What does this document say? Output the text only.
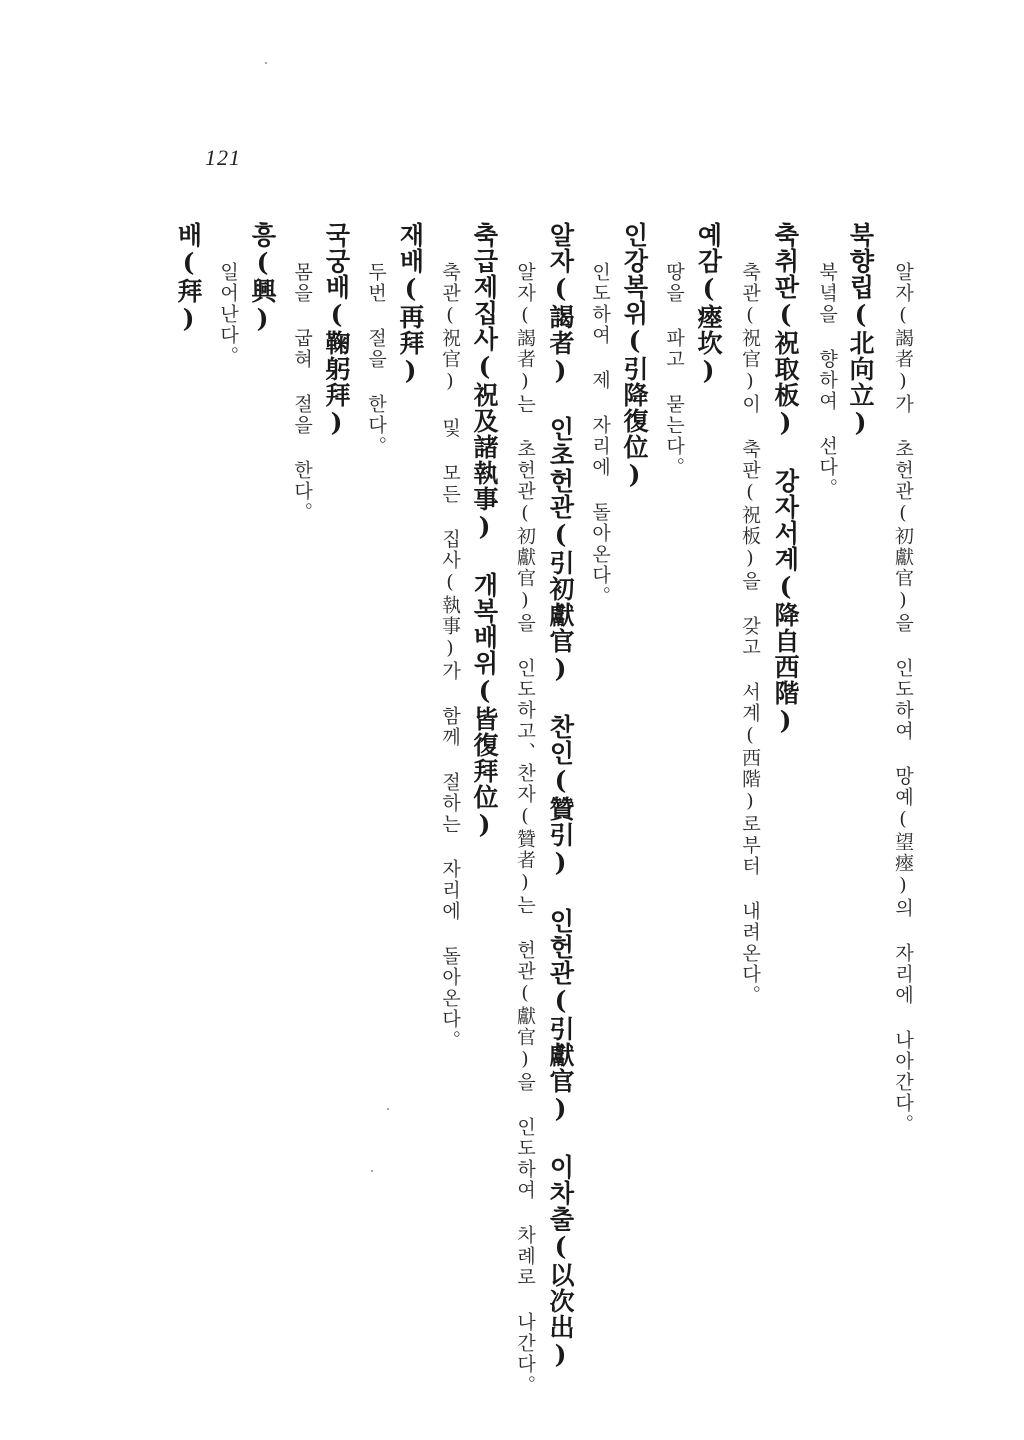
121
알자(謁者)가 초헌관(初獻官)을 인도하여 망예(望瘞)의 자리에 나아간다。
북향립(北向立)
북녘을 향하여 선다。
축취판(祝取板) 강자서계(降自西階)
축관(祝官)이 축판(祝板)을 갖고 서계(西階)로부터 내려온다。
예감(瘞坎)
땅을 파고 묻는다。
인강복위(引降復位)
인도하여 제 자리에 돌아온다。
알자(謁者) 인초헌관(引初獻官) 찬인(贊引) 인헌관(引獻官) 이차출(以次出)
알자(謁者)는 초헌관(初獻官)을 인도하고、찬자(贊者)는 헌관(獻官)을 인도하여 차례로 나간다。
축급제집사(祝及諸執事) 개복배위(皆復拜位)
축관(祝官) 및 모든 집사(執事)가 함께 절하는 자리에 돌아온다。
재배(再拜)
두번 절을 한다。
국궁배(鞠躬拜)
몸을 굽혀 절을 한다。
흥(興)
일어난다。
배(拜)
